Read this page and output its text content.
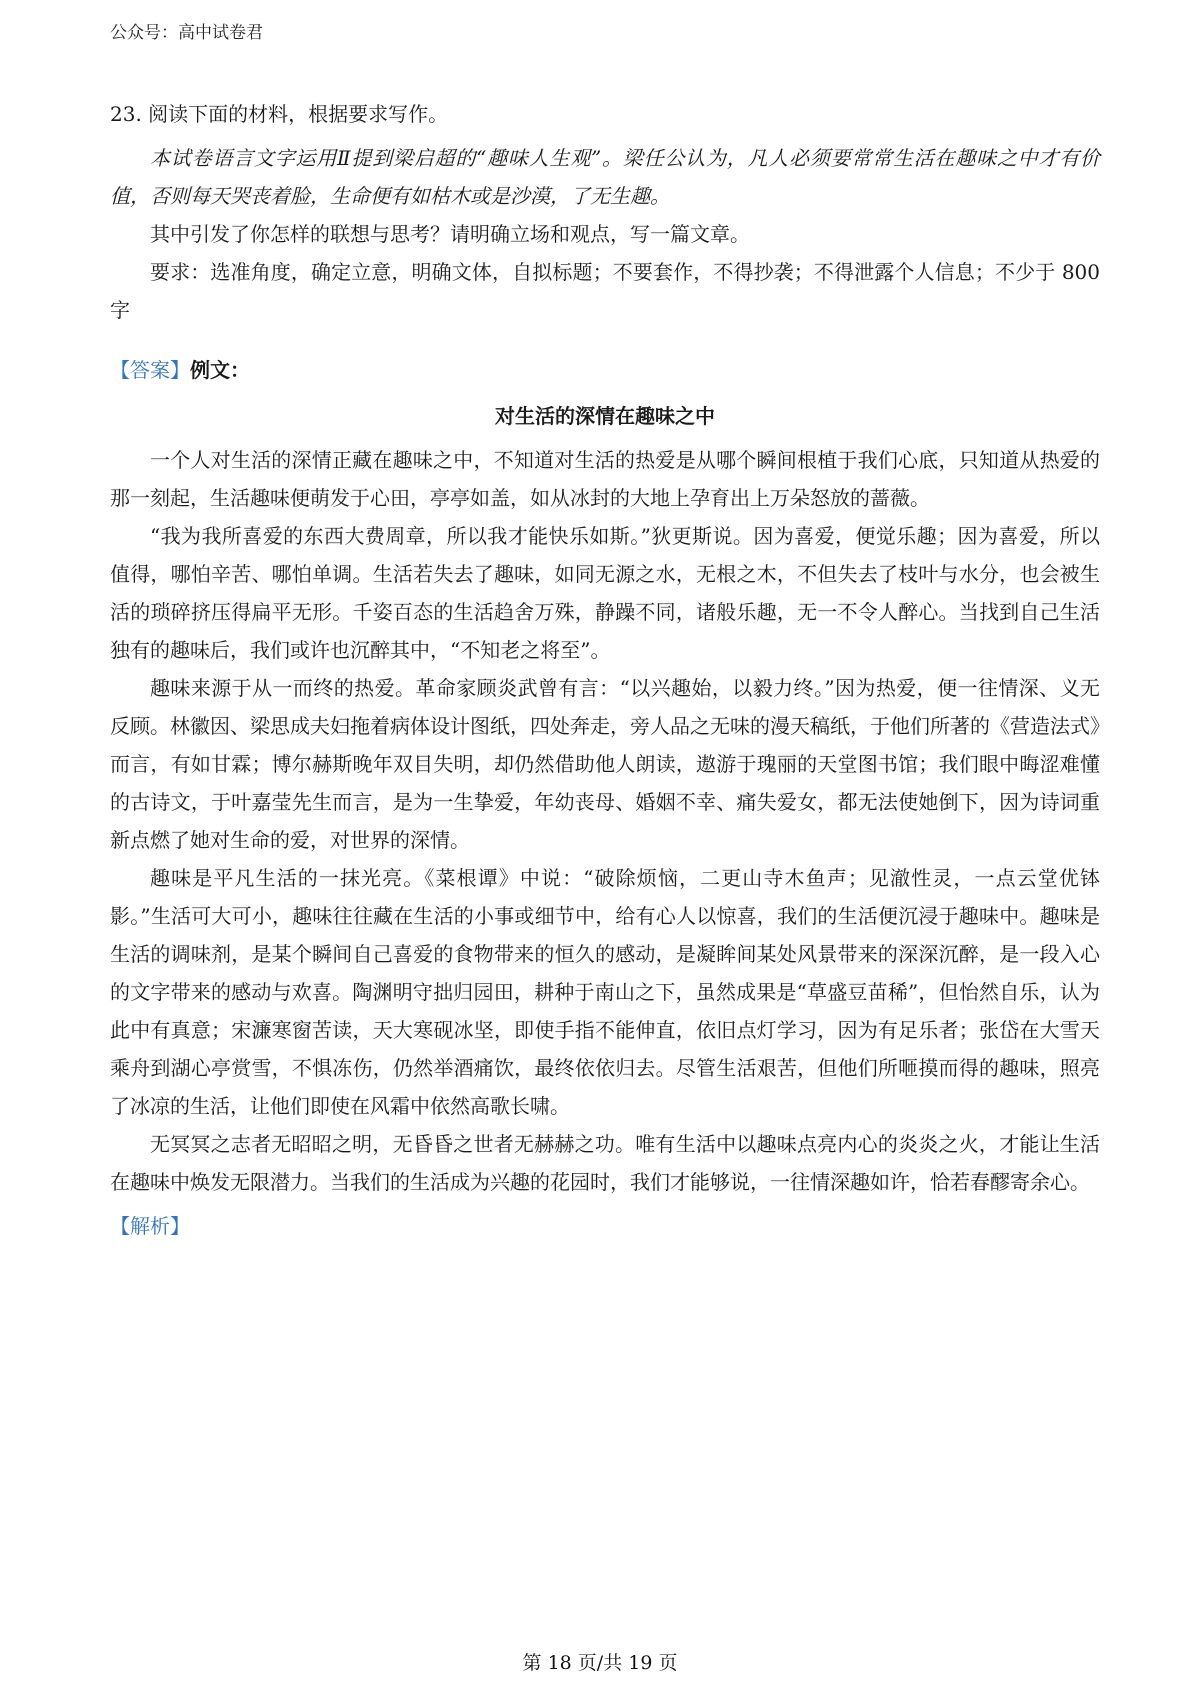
公众号：高中试卷君

23. 阅读下面的材料，根据要求写作。

本试卷语言文字运用Ⅱ提到梁启超的“趣味人生观”。梁任公认为，凡人必须要常常生活在趣味之中才有价值，否则每天哭丧着脸，生命便有如枯木或是沙漠，了无生趣。

其中引发了你怎样的联想与思考？请明确立场和观点，写一篇文章。

要求：选准角度，确定立意，明确文体，自拟标题；不要套作，不得抄袭；不得泄露个人信息；不少于 800 字

【答案】例文：
对生活的深情在趣味之中

一个人对生活的深情正藏在趣味之中，不知道对生活的热爱是从哪个瞬间根植于我们心底，只知道从热爱的那一刻起，生活趣味便萌发于心田，亭亭如盖，如从冰封的大地上孕育出上万朵怒放的蔷薇。

“我为我所喜爱的东西大费周章，所以我才能快乐如斯。”狄更斯说。因为喜爱，便觉乐趣；因为喜爱，所以值得，哪怕辛苦、哪怕单调。生活若失去了趣味，如同无源之水，无根之木，不但失去了枝叶与水分，也会被生活的琐碎挤压得扁平无形。千姿百态的生活趋舍万殊，静躁不同，诸般乐趣，无一不令人醉心。当找到自己生活独有的趣味后，我们或许也沉醉其中，“不知老之将至”。

趣味来源于从一而终的热爱。革命家顾炎武曾有言：“以兴趣始，以毅力终。”因为热爱，便一往情深、义无反顾。林徽因、梁思成夫妇拖着病体设计图纸，四处奔走，旁人品之无味的漫天稿纸，于他们所著的《营造法式》而言，有如甘霖；博尔赫斯晚年双目失明，却仍然借助他人朗读，遨游于瑰丽的天堂图书馆；我们眼中晦涩难懂的古诗文，于叶嘉莹先生而言，是为一生挚爱，年幼丧母、婚姻不幸、痛失爱女，都无法使她倒下，因为诗词重新点燃了她对生命的爱，对世界的深情。

趣味是平凡生活的一抹光亮。《菜根谭》中说：“破除烦恼，二更山寺木鱼声；见澈性灵，一点云堂优钵影。”生活可大可小，趣味往往藏在生活的小事或细节中，给有心人以惊喜，我们的生活便沉浸于趣味中。趣味是生活的调味剂，是某个瞬间自己喜爱的食物带来的恒久的感动，是凝眸间某处风景带来的深深沉醉，是一段入心的文字带来的感动与欢喜。陶渊明守拙归园田，耕种于南山之下，虽然成果是“草盛豆苗稀”，但怡然自乐，认为此中有真意；宋濂寒窗苦读，天大寒砚冰坚，即使手指不能伸直，依旧点灯学习，因为有足乐者；张岱在大雪天乘舟到湖心亭赏雪，不惧冻伤，仍然举酒痛饮，最终依依归去。尽管生活艰苦，但他们所咂摸而得的趣味，照亮了冰凉的生活，让他们即使在风霜中依然高歌长啸。

无冥冥之志者无昭昭之明，无昏昏之世者无赫赫之功。唯有生活中以趣味点亮内心的炎炎之火，才能让生活在趣味中焕发无限潜力。当我们的生活成为兴趣的花园时，我们才能够说，一往情深趣如许，恰若春醪寄余心。

【解析】
第 18 页/共 19 页
